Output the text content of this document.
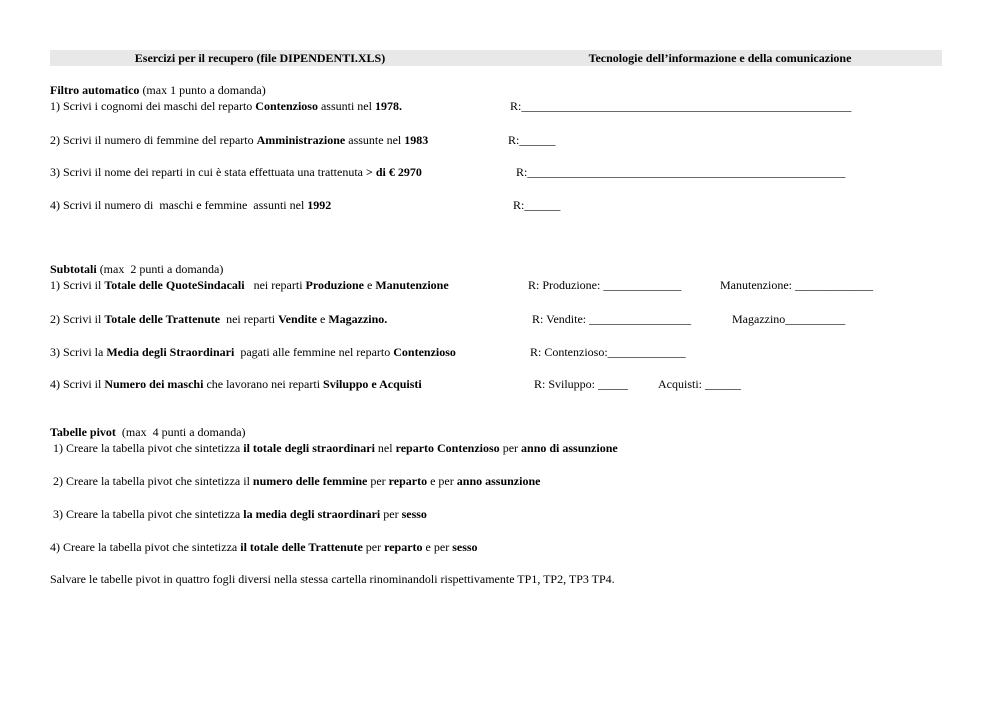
Esercizi per il recupero (file DIPENDENTI.XLS)	Tecnologie dell’informazione e della comunicazione
Filtro automatico (max 1 punto a domanda)
1) Scrivi i cognomi dei maschi del reparto Contenzioso assunti nel 1978.	R:_______________________________________________________
2) Scrivi il numero di femmine del reparto Amministrazione assunte nel 1983	R:______
3) Scrivi il nome dei reparti in cui è stata effettuata una trattenuta > di € 2970	R:_____________________________________________________
4) Scrivi il numero di  maschi e femmine  assunti nel 1992	R:______
Subtotali (max  2 punti a domanda)
1) Scrivi il Totale delle QuoteSindacali   nei reparti Produzione e Manutenzione	R: Produzione: _____________	Manutenzione: _____________
2) Scrivi il Totale delle Trattenute  nei reparti Vendite e Magazzino.	R: Vendite: _________________	Magazzino__________
3) Scrivi la Media degli Straordinari  pagati alle femmine nel reparto Contenzioso	R: Contenzioso:_____________
4) Scrivi il Numero dei maschi che lavorano nei reparti Sviluppo e Acquisti	R: Sviluppo: _____ Acquisti: ______
Tabelle pivot  (max  4 punti a domanda)
1) Creare la tabella pivot che sintetizza il totale degli straordinari nel reparto Contenzioso per anno di assunzione
2) Creare la tabella pivot che sintetizza il numero delle femmine per reparto e per anno assunzione
3) Creare la tabella pivot che sintetizza la media degli straordinari per sesso
4) Creare la tabella pivot che sintetizza il totale delle Trattenute per reparto e per sesso
Salvare le tabelle pivot in quattro fogli diversi nella stessa cartella rinominandoli rispettivamente TP1, TP2, TP3 TP4.
